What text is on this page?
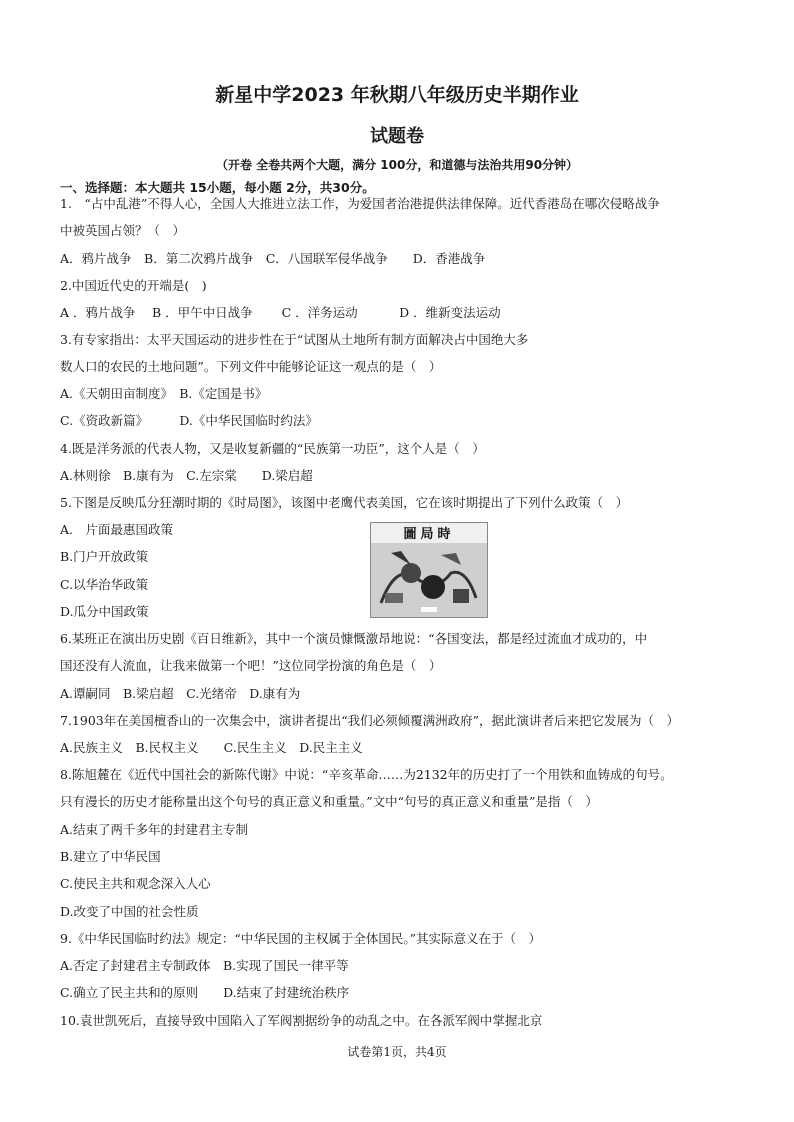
新星中学2023 年秋期八年级历史半期作业
试题卷
（开卷 全卷共两个大题，满分 100分，和道德与法治共用90分钟）
一、选择题：本大题共 15小题，每小题 2分，共30分。
1.　“占中乱港”不得人心，全国人大推进立法工作，为爱国者治港提供法律保障。近代香港岛在哪次侵略战争
中被英国占领？（　）
A．鸦片战争　B．第二次鸦片战争　C．八国联军侵华战争　　D．香港战争
2.中国近代史的开端是(　)
A ．鸦片战争　 B ．甲午中日战争　　 C ．洋务运动　　　 D ．维新变法运动
3.有专家指出：太平天国运动的进步性在于“试图从土地所有制方面解决占中国绝大多
数人口的农民的土地问题”。下列文件中能够论证这一观点的是（　）
A.《天朝田亩制度》　B.《定国是书》
C.《资政新篇》　　　D.《中华民国临时约法》
4.既是洋务派的代表人物，又是收复新疆的“民族第一功臣”，这个人是（　）
A.林则徐　B.康有为　C.左宗棠　　D.梁启超
5.下图是反映瓜分狂潮时期的《时局图》，该图中老鹰代表美国，它在该时期提出了下列什么政策（　）
A.　片面最惠国政策
B.门户开放政策
C.以华治华政策
D.瓜分中国政策
6.某班正在演出历史剧《百日维新》，其中一个演员慷慨激昂地说：“各国变法，都是经过流血才成功的，中
国还没有人流血，让我来做第一个吧！”这位同学扮演的角色是（　）
A.谭嗣同　B.梁启超　C.光绪帝　D.康有为
7.1903年在美国檀香山的一次集会中，演讲者提出“我们必须倾覆满洲政府”，据此演讲者后来把它发展为（　）
A.民族主义　B.民权主义　　C.民生主义　D.民主主义
8.陈旭麓在《近代中国社会的新陈代谢》中说：“辛亥革命……为2132年的历史打了一个用铁和血铸成的句号。
只有漫长的历史才能称量出这个句号的真正意义和重量。”文中“句号的真正意义和重量”是指（　）
A.结束了两千多年的封建君主专制
B.建立了中华民国
C.使民主共和观念深入人心
D.改变了中国的社会性质
9.《中华民国临时约法》规定：“中华民国的主权属于全体国民。”其实际意义在于（　）
A.否定了封建君主专制政体　B.实现了国民一律平等
C.确立了民主共和的原则　　D.结束了封建统治秩序
10.袁世凯死后，直接导致中国陷入了军阀割据纷争的动乱之中。在各派军阀中掌握北京
圖局時
试卷第1页，共4页
